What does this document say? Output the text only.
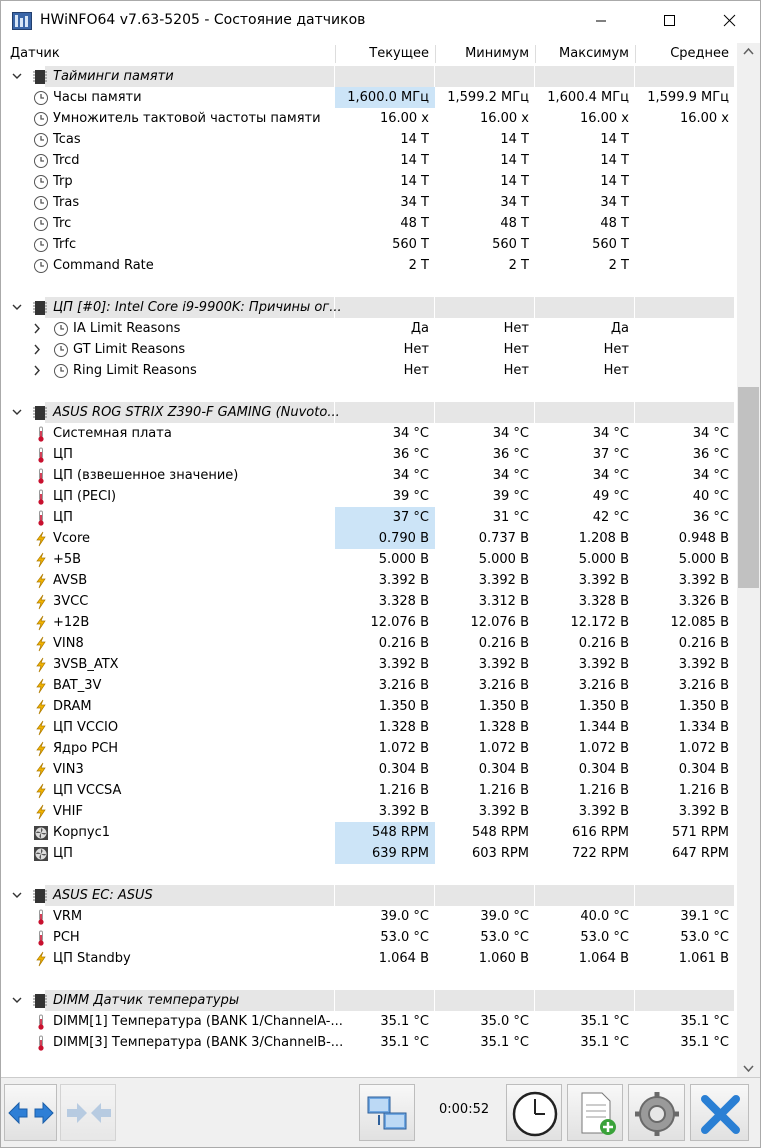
HWiNFO64 v7.63-5205 - Состояние датчиков
Датчик	Текущее	Минимум	Максимум	Среднее
Тайминги памяти
Часы памяти	1,600.0 МГц	1,599.2 МГц	1,600.4 МГц	1,599.9 МГц
Умножитель тактовой частоты памяти	16.00 x	16.00 x	16.00 x	16.00 x
Tcas	14 T	14 T	14 T
Trcd	14 T	14 T	14 T
Trp	14 T	14 T	14 T
Tras	34 T	34 T	34 T
Trc	48 T	48 T	48 T
Trfc	560 T	560 T	560 T
Command Rate	2 T	2 T	2 T
ЦП [#0]: Intel Core i9-9900K: Причины ог...
IA Limit Reasons	Да	Нет	Да
GT Limit Reasons	Нет	Нет	Нет
Ring Limit Reasons	Нет	Нет	Нет
ASUS ROG STRIX Z390-F GAMING (Nuvoto...
Системная плата	34 °C	34 °C	34 °C	34 °C
ЦП	36 °C	36 °C	37 °C	36 °C
ЦП (взвешенное значение)	34 °C	34 °C	34 °C	34 °C
ЦП (PECI)	39 °C	39 °C	49 °C	40 °C
ЦП	37 °C	31 °C	42 °C	36 °C
Vcore	0.790 В	0.737 В	1.208 В	0.948 В
+5В	5.000 В	5.000 В	5.000 В	5.000 В
AVSB	3.392 В	3.392 В	3.392 В	3.392 В
3VCC	3.328 В	3.312 В	3.328 В	3.326 В
+12В	12.076 В	12.076 В	12.172 В	12.085 В
VIN8	0.216 В	0.216 В	0.216 В	0.216 В
3VSB_ATX	3.392 В	3.392 В	3.392 В	3.392 В
BAT_3V	3.216 В	3.216 В	3.216 В	3.216 В
DRAM	1.350 В	1.350 В	1.350 В	1.350 В
ЦП VCCIO	1.328 В	1.328 В	1.344 В	1.334 В
Ядро PCH	1.072 В	1.072 В	1.072 В	1.072 В
VIN3	0.304 В	0.304 В	0.304 В	0.304 В
ЦП VCCSA	1.216 В	1.216 В	1.216 В	1.216 В
VHIF	3.392 В	3.392 В	3.392 В	3.392 В
Корпус1	548 RPM	548 RPM	616 RPM	571 RPM
ЦП	639 RPM	603 RPM	722 RPM	647 RPM
ASUS EC: ASUS
VRM	39.0 °C	39.0 °C	40.0 °C	39.1 °C
PCH	53.0 °C	53.0 °C	53.0 °C	53.0 °C
ЦП Standby	1.064 В	1.060 В	1.064 В	1.061 В
DIMM Датчик температуры
DIMM[1] Температура (BANK 1/ChannelA-...	35.1 °C	35.0 °C	35.1 °C	35.1 °C
DIMM[3] Температура (BANK 3/ChannelB-...	35.1 °C	35.1 °C	35.1 °C	35.1 °C
0:00:52
